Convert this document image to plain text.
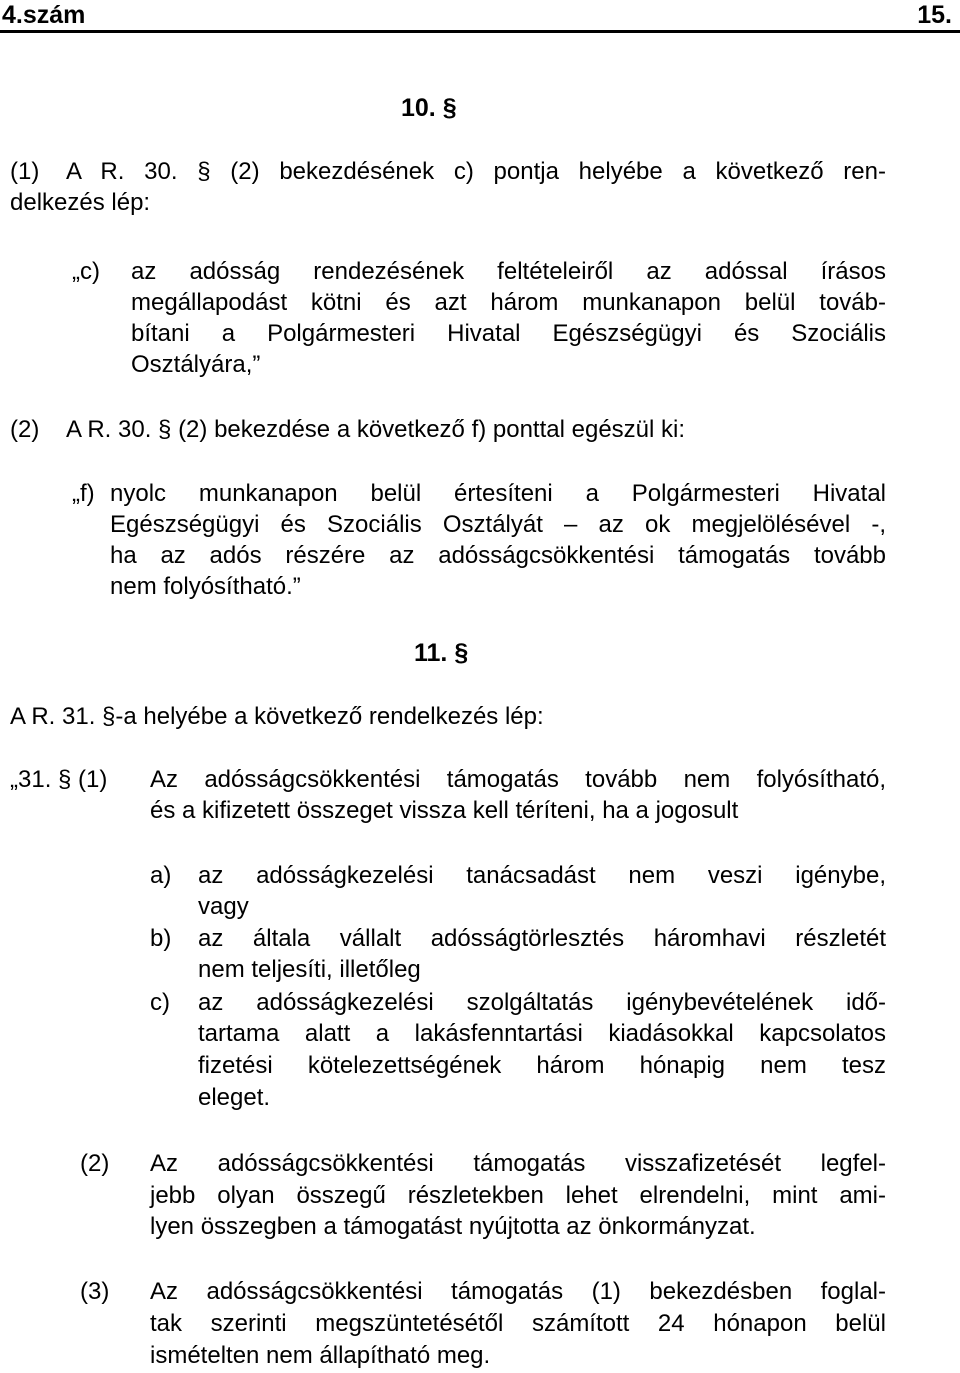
4.szám	15.
10. §
(1) A R. 30. § (2) bekezdésének c) pontja helyébe a következő ren-
delkezés lép:
„c) az adósság rendezésének feltételeiről az adóssal írásos
megállapodást kötni és azt három munkanapon belül továb-
bítani a Polgármesteri Hivatal Egészségügyi és Szociális
Osztályára,”
(2) A R. 30. § (2) bekezdése a következő f) ponttal egészül ki:
„f) nyolc munkanapon belül értesíteni a Polgármesteri Hivatal
Egészségügyi és Szociális Osztályát – az ok megjelölésével -,
ha az adós részére az adósságcsökkentési támogatás tovább
nem folyósítható.”
11. §
A R. 31. §-a helyébe a következő rendelkezés lép:
„31. § (1) Az adósságcsökkentési támogatás tovább nem folyósítható,
és a kifizetett összeget vissza kell téríteni, ha a jogosult
a) az adósságkezelési tanácsadást nem veszi igénybe,
vagy
b) az általa vállalt adósságtörlesztés háromhavi részletét
nem teljesíti, illetőleg
c) az adósságkezelési szolgáltatás igénybevételének idő-
tartama alatt a lakásfenntartási kiadásokkal kapcsolatos
fizetési kötelezettségének három hónapig nem tesz
eleget.
(2) Az adósságcsökkentési támogatás visszafizetését legfel-
jebb olyan összegű részletekben lehet elrendelni, mint ami-
lyen összegben a támogatást nyújtotta az önkormányzat.
(3) Az adósságcsökkentési támogatás (1) bekezdésben foglal-
tak szerinti megszüntetésétől számított 24 hónapon belül
ismételten nem állapítható meg.
